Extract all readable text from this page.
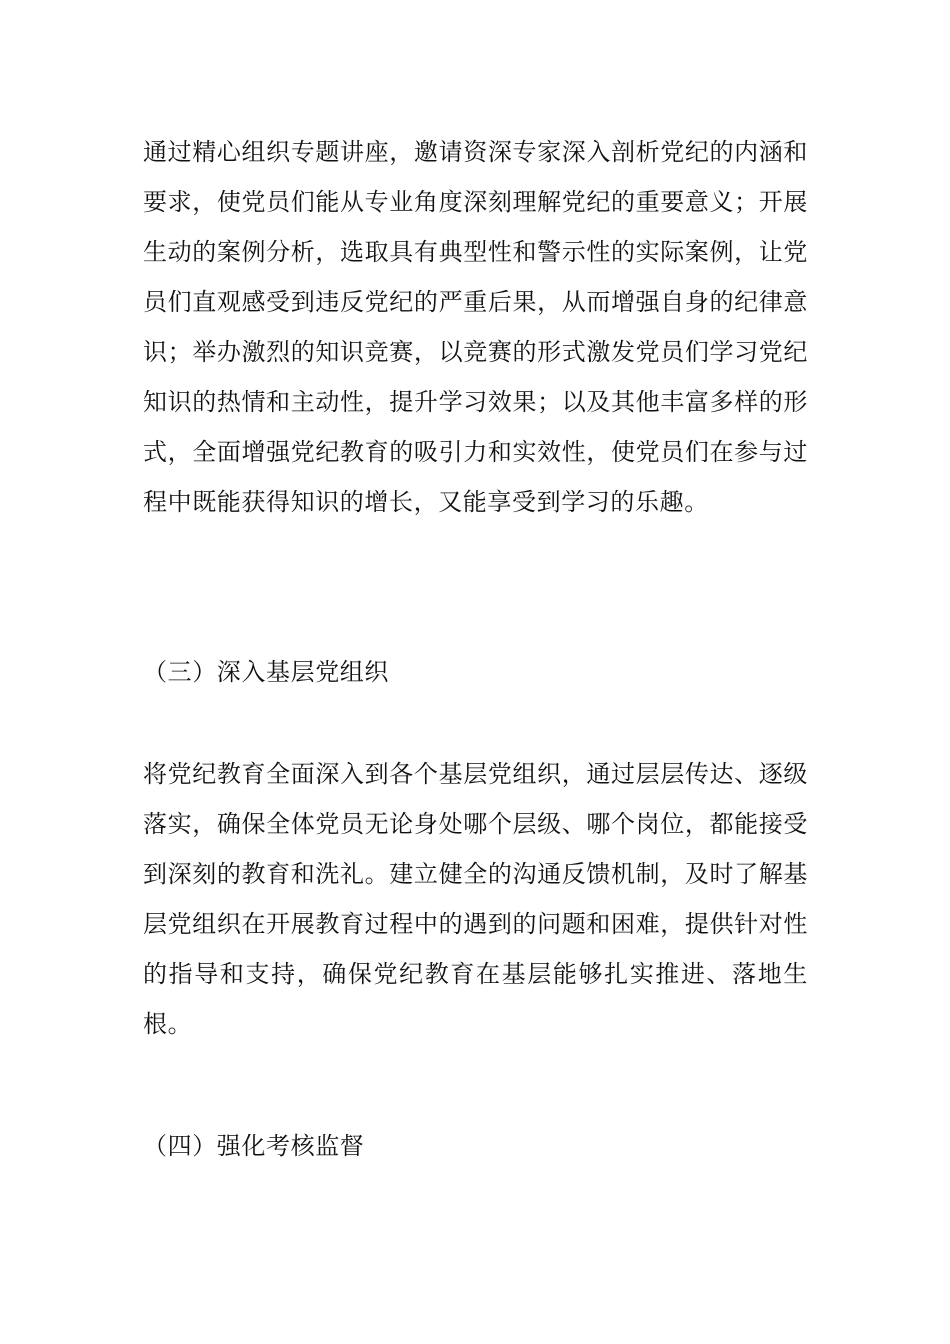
通过精心组织专题讲座，邀请资深专家深入剖析党纪的内涵和要求，使党员们能从专业角度深刻理解党纪的重要意义；开展生动的案例分析，选取具有典型性和警示性的实际案例，让党员们直观感受到违反党纪的严重后果，从而增强自身的纪律意识；举办激烈的知识竞赛，以竞赛的形式激发党员们学习党纪知识的热情和主动性，提升学习效果；以及其他丰富多样的形式，全面增强党纪教育的吸引力和实效性，使党员们在参与过程中既能获得知识的增长，又能享受到学习的乐趣。

（三）深入基层党组织

将党纪教育全面深入到各个基层党组织，通过层层传达、逐级落实，确保全体党员无论身处哪个层级、哪个岗位，都能接受到深刻的教育和洗礼。建立健全的沟通反馈机制，及时了解基层党组织在开展教育过程中的遇到的问题和困难，提供针对性的指导和支持，确保党纪教育在基层能够扎实推进、落地生根。

（四）强化考核监督
